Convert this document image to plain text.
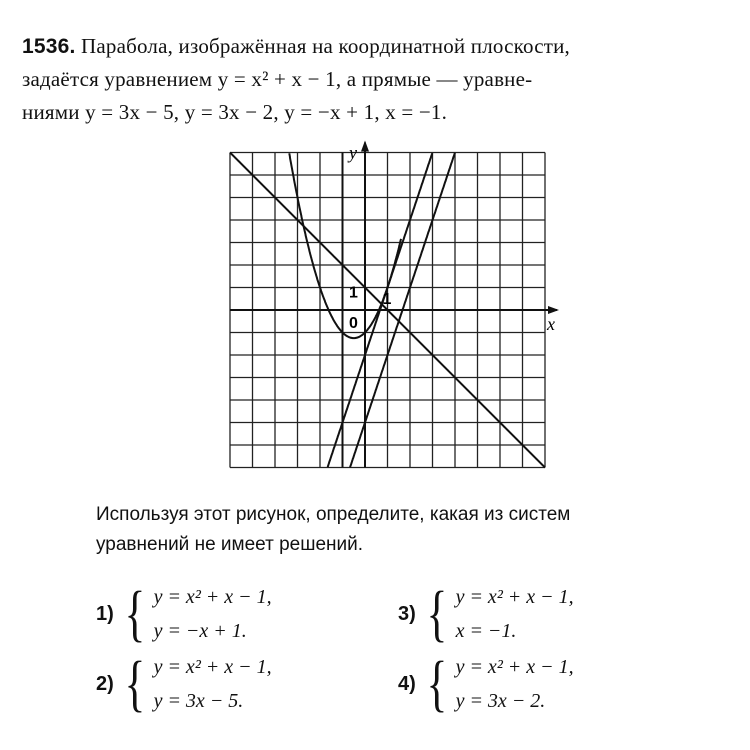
1536. Парабола, изображённая на координатной плоскости,
задаётся уравнением y = x² + x − 1, а прямые — уравне-
ниями y = 3x − 5, y = 3x − 2, y = −x + 1, x = −1.
y
x
0
1
1
Используя этот рисунок, определите, какая из систем
уравнений не имеет решений.
1) { y = x² + x − 1,
y = −x + 1.
2) { y = x² + x − 1,
y = 3x − 5.
3) { y = x² + x − 1,
x = −1.
4) { y = x² + x − 1,
y = 3x − 2.
